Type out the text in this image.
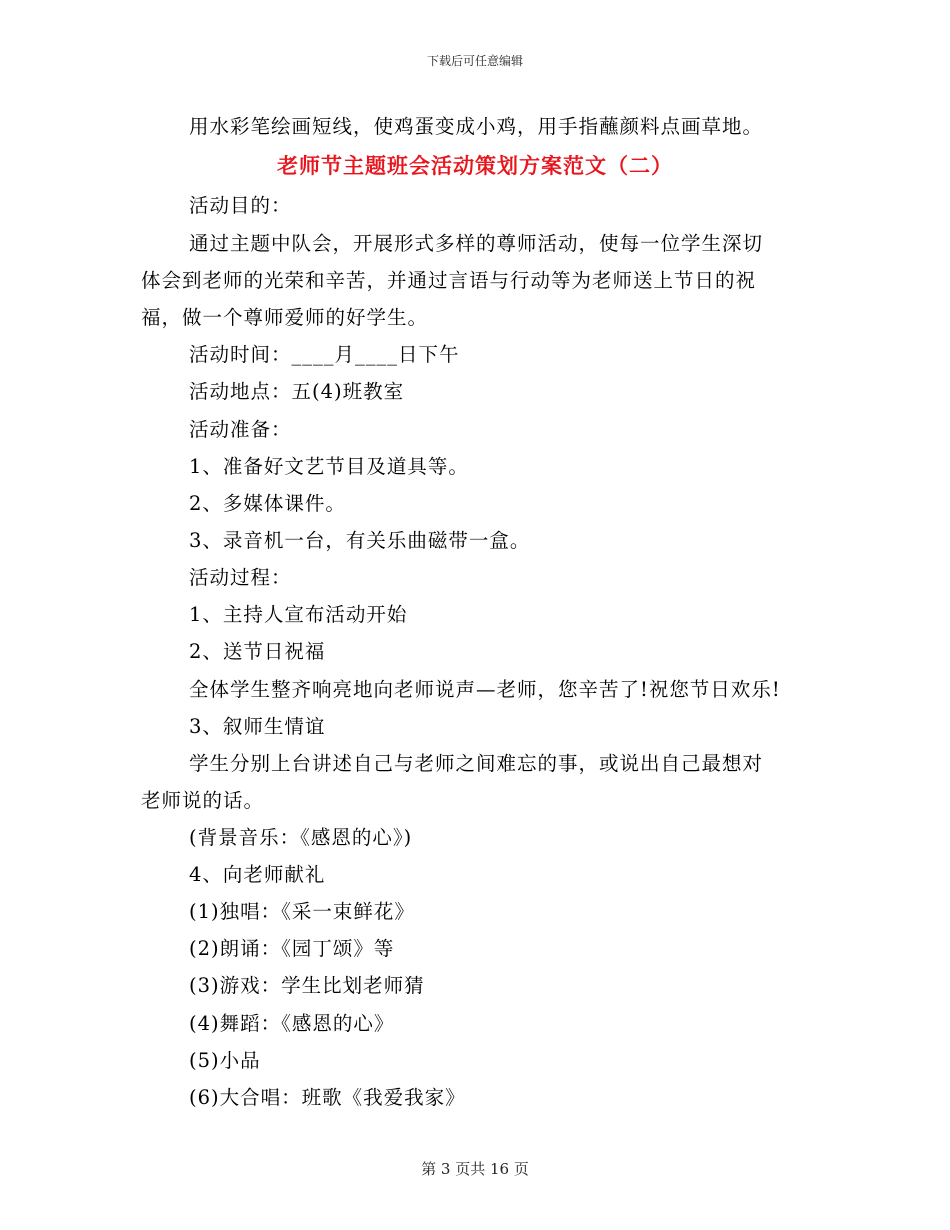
下载后可任意编辑
用水彩笔绘画短线，使鸡蛋变成小鸡，用手指蘸颜料点画草地。
老师节主题班会活动策划方案范文（二）
活动目的：
通过主题中队会，开展形式多样的尊师活动，使每一位学生深切
体会到老师的光荣和辛苦，并通过言语与行动等为老师送上节日的祝
福，做一个尊师爱师的好学生。
活动时间：____月____日下午
活动地点：五(4)班教室
活动准备：
1、准备好文艺节目及道具等。
2、多媒体课件。
3、录音机一台，有关乐曲磁带一盒。
活动过程：
1、主持人宣布活动开始
2、送节日祝福
全体学生整齐响亮地向老师说声—老师，您辛苦了!祝您节日欢乐!
3、叙师生情谊
学生分别上台讲述自己与老师之间难忘的事，或说出自己最想对
老师说的话。
(背景音乐：《感恩的心》)
4、向老师献礼
(1)独唱：《采一束鲜花》
(2)朗诵：《园丁颂》等
(3)游戏：学生比划老师猜
(4)舞蹈：《感恩的心》
(5)小品
(6)大合唱：班歌《我爱我家》
第 3 页共 16 页
